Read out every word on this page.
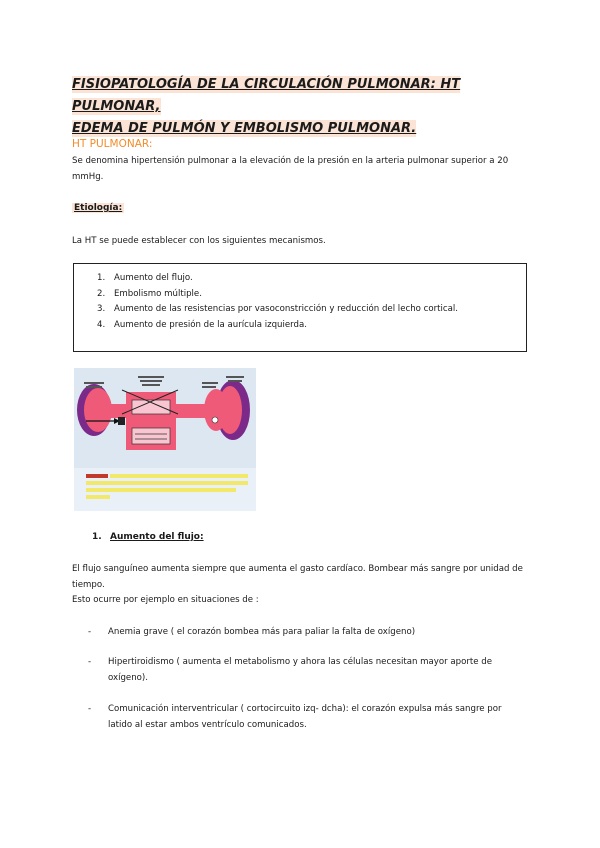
FISIOPATOLOGÍA DE LA CIRCULACIÓN PULMONAR: HT PULMONAR,
EDEMA DE PULMÓN Y EMBOLISMO PULMONAR.
HT PULMONAR:
Se denomina hipertensión pulmonar a la elevación de la presión en la arteria pulmonar superior a 20 mmHg.
Etiología:
La HT se puede establecer con los siguientes mecanismos.
1.	Aumento del flujo.
2.	Embolismo múltiple.
3.	Aumento de las resistencias por vasoconstricción y reducción del lecho cortical.
4.	Aumento de presión de la aurícula izquierda.
1. Aumento del flujo:
El flujo sanguíneo aumenta siempre que aumenta el gasto cardíaco. Bombear más sangre por unidad de tiempo.
Esto ocurre por ejemplo en situaciones de :
-	Anemia grave ( el corazón bombea más para paliar la falta de oxígeno)
-	Hipertiroidismo ( aumenta el metabolismo y ahora las células necesitan mayor aporte de oxígeno).
-	Comunicación interventricular ( cortocircuito izq- dcha): el corazón expulsa más sangre por latido al estar ambos ventrículo comunicados.
